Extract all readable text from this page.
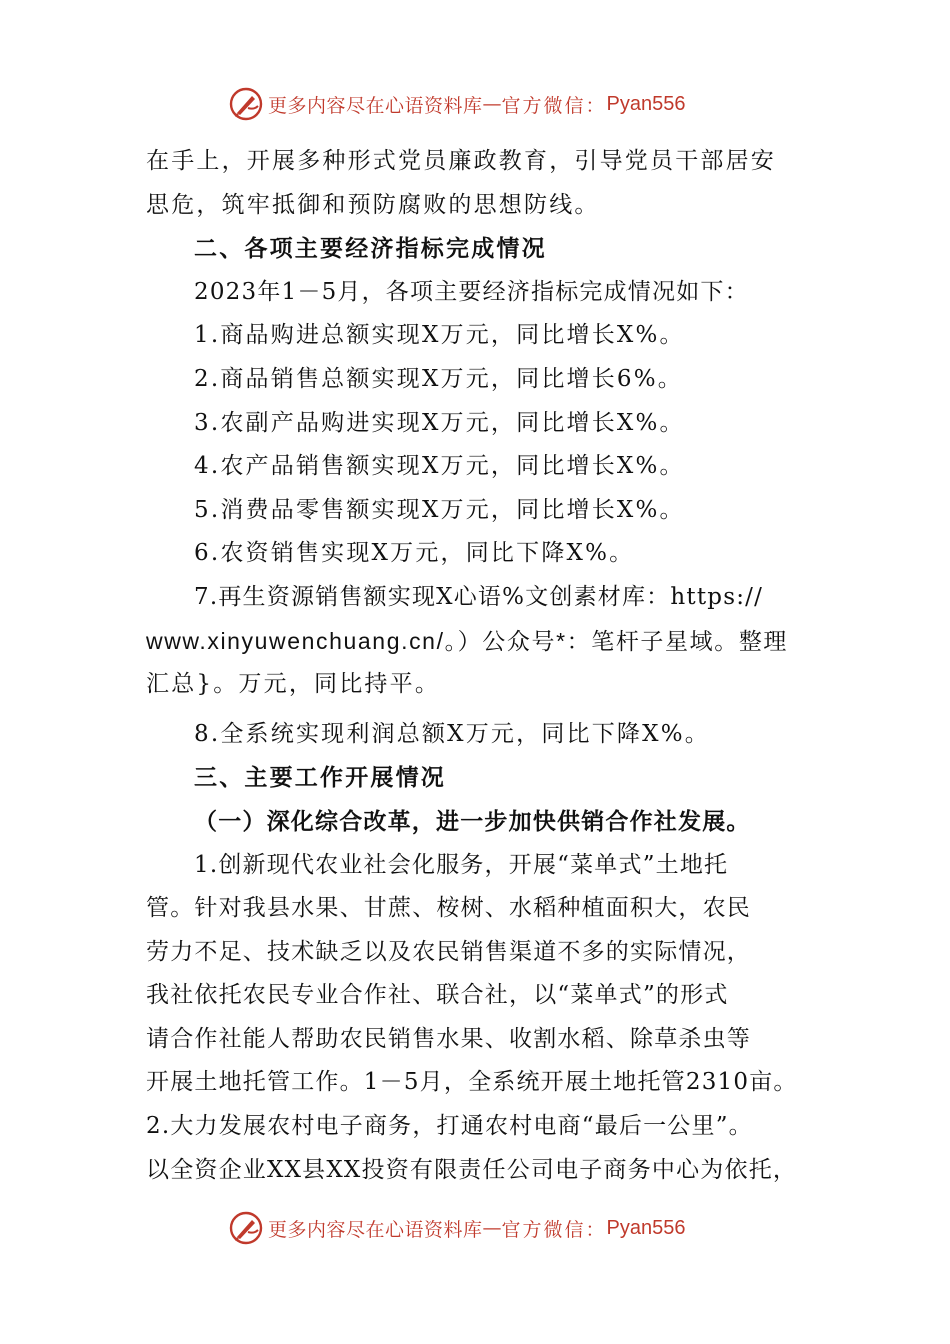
更多内容尽在心语资料库 — 官方微信： Pyan556
在手上，开展多种形式党员廉政教育，引导党员干部居安
思危，筑牢抵御和预防腐败的思想防线。
二、各项主要经济指标完成情况
2023年1－5月，各项主要经济指标完成情况如下：
1.商品购进总额实现X万元，同比增长X%。
2.商品销售总额实现X万元，同比增长6%。
3.农副产品购进实现X万元，同比增长X%。
4.农产品销售额实现X万元，同比增长X%。
5.消费品零售额实现X万元，同比增长X%。
6.农资销售实现X万元，同比下降X%。
7.再生资源销售额实现X心语%文创素材库：https://
www.xinyuwenchuang.cn/。）公众号*：笔杆子星域。整理
汇总}。万元，同比持平。
8.全系统实现利润总额X万元，同比下降X%。
三、主要工作开展情况
（一）深化综合改革，进一步加快供销合作社发展。
1.创新现代农业社会化服务，开展“菜单式”土地托
管。针对我县水果、甘蔗、桉树、水稻种植面积大，农民
劳力不足、技术缺乏以及农民销售渠道不多的实际情况，
我社依托农民专业合作社、联合社，以“菜单式”的形式
请合作社能人帮助农民销售水果、收割水稻、除草杀虫等
开展土地托管工作。1－5月，全系统开展土地托管2310亩。
2.大力发展农村电子商务，打通农村电商“最后一公里”。
以全资企业XX县XX投资有限责任公司电子商务中心为依托，
更多内容尽在心语资料库 — 官方微信： Pyan556
